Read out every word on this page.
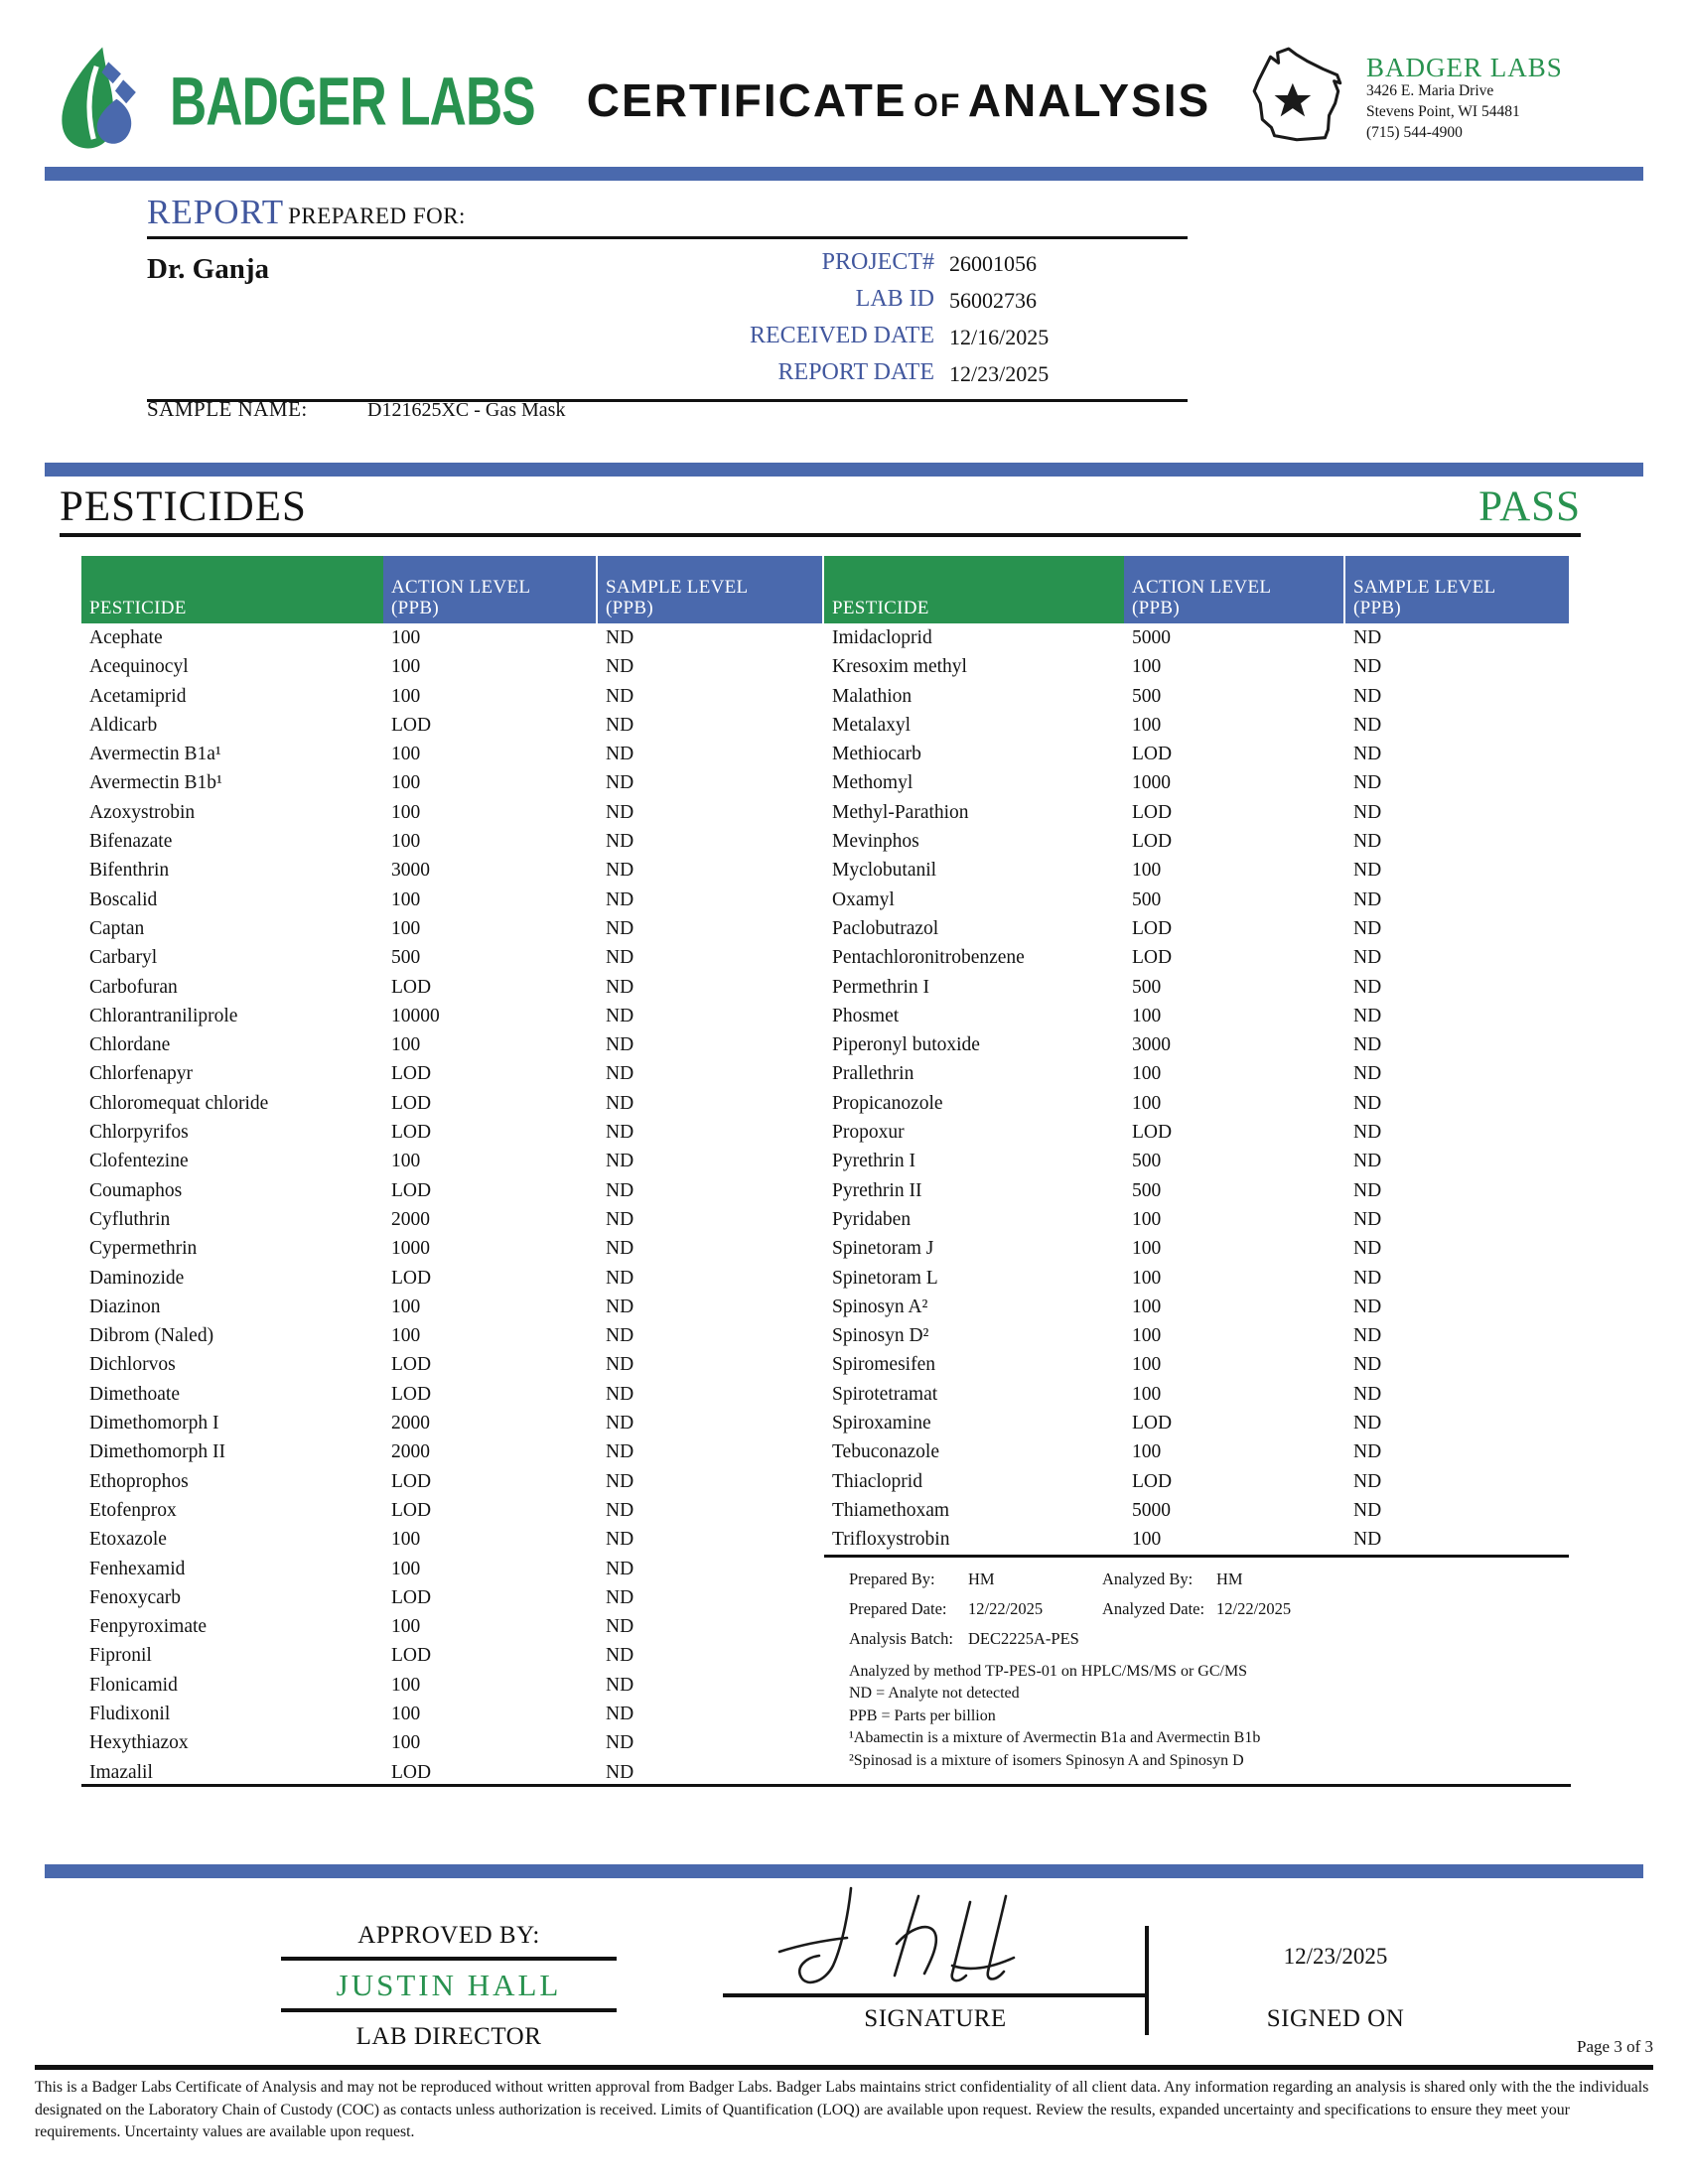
BADGER LABS CERTIFICATE OF ANALYSIS
BADGER LABS
3426 E. Maria Drive
Stevens Point, WI 54481
(715) 544-4900
REPORT PREPARED FOR:
Dr. Ganja	PROJECT# 26001056
LAB ID 56002736
RECEIVED DATE 12/16/2025
REPORT DATE 12/23/2025
SAMPLE NAME:	D121625XC - Gas Mask
PESTICIDES	PASS
PESTICIDE
ACTION LEVEL
(PPB)
SAMPLE LEVEL
(PPB)
Acephate	100	ND
Acequinocyl	100	ND
Acetamiprid	100	ND
Aldicarb	LOD	ND
Avermectin B1a¹	100	ND
Avermectin B1b¹	100	ND
Azoxystrobin	100	ND
Bifenazate	100	ND
Bifenthrin	3000	ND
Boscalid	100	ND
Captan	100	ND
Carbaryl	500	ND
Carbofuran	LOD	ND
Chlorantraniliprole	10000	ND
Chlordane	100	ND
Chlorfenapyr	LOD	ND
Chloromequat chloride	LOD	ND
Chlorpyrifos	LOD	ND
Clofentezine	100	ND
Coumaphos	LOD	ND
Cyfluthrin	2000	ND
Cypermethrin	1000	ND
Daminozide	LOD	ND
Diazinon	100	ND
Dibrom (Naled)	100	ND
Dichlorvos	LOD	ND
Dimethoate	LOD	ND
Dimethomorph I	2000	ND
Dimethomorph II	2000	ND
Ethoprophos	LOD	ND
Etofenprox	LOD	ND
Etoxazole	100	ND
Fenhexamid	100	ND
Fenoxycarb	LOD	ND
Fenpyroximate	100	ND
Fipronil	LOD	ND
Flonicamid	100	ND
Fludixonil	100	ND
Hexythiazox	100	ND
Imazalil	LOD	ND
PESTICIDE
ACTION LEVEL
(PPB)
SAMPLE LEVEL
(PPB)
Imidacloprid	5000	ND
Kresoxim methyl	100	ND
Malathion	500	ND
Metalaxyl	100	ND
Methiocarb	LOD	ND
Methomyl	1000	ND
Methyl-Parathion	LOD	ND
Mevinphos	LOD	ND
Myclobutanil	100	ND
Oxamyl	500	ND
Paclobutrazol	LOD	ND
Pentachloronitrobenzene	LOD	ND
Permethrin I	500	ND
Phosmet	100	ND
Piperonyl butoxide	3000	ND
Prallethrin	100	ND
Propicanozole	100	ND
Propoxur	LOD	ND
Pyrethrin I	500	ND
Pyrethrin II	500	ND
Pyridaben	100	ND
Spinetoram J	100	ND
Spinetoram L	100	ND
Spinosyn A²	100	ND
Spinosyn D²	100	ND
Spiromesifen	100	ND
Spirotetramat	100	ND
Spiroxamine	LOD	ND
Tebuconazole	100	ND
Thiacloprid	LOD	ND
Thiamethoxam	5000	ND
Trifloxystrobin	100	ND
Prepared By:	HM	Analyzed By:	HM
Prepared Date:	12/22/2025	Analyzed Date: 12/22/2025
Analysis Batch: DEC2225A-PES
Analyzed by method TP-PES-01 on HPLC/MS/MS or GC/MS
ND = Analyte not detected
PPB = Parts per billion
¹Abamectin is a mixture of Avermectin B1a and Avermectin B1b
²Spinosad is a mixture of isomers Spinosyn A and Spinosyn D
APPROVED BY:
JUSTIN HALL
LAB DIRECTOR
SIGNATURE
12/23/2025
SIGNED ON
Page 3 of 3
This is a Badger Labs Certificate of Analysis and may not be reproduced without written approval from Badger Labs. Badger Labs maintains strict confidentiality of all client data. Any information regarding an analysis is shared only with the the individuals designated on the Laboratory Chain of Custody (COC) as contacts unless authorization is received. Limits of Quantification (LOQ) are available upon request. Review the results, expanded uncertainty and specifications to ensure they meet your requirements. Uncertainty values are available upon request.
